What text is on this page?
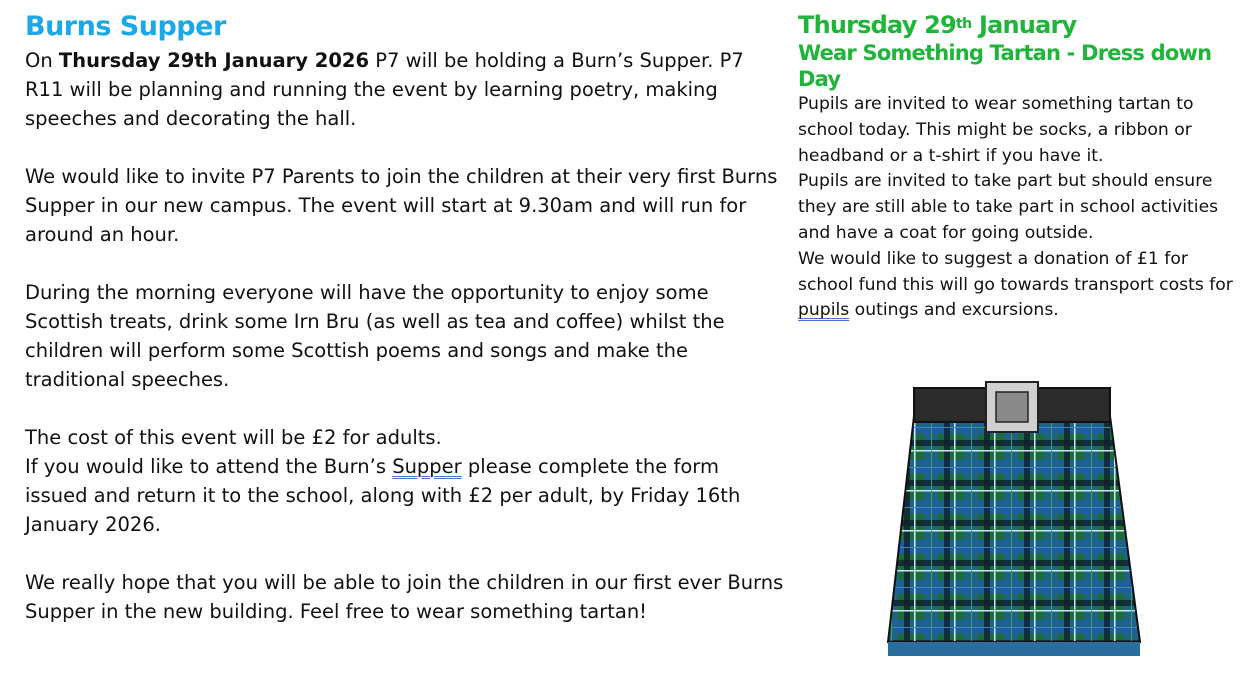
Burns Supper

On Thursday 29th January 2026 P7 will be holding a Burn’s Supper. P7 R11 will be planning and running the event by learning poetry, making speeches and decorating the hall.

We would like to invite P7 Parents to join the children at their very first Burns Supper in our new campus. The event will start at 9.30am and will run for around an hour.

During the morning everyone will have the opportunity to enjoy some Scottish treats, drink some Irn Bru (as well as tea and coffee) whilst the children will perform some Scottish poems and songs and make the traditional speeches.

The cost of this event will be £2 for adults.

If you would like to attend the Burn’s Supper please complete the form issued and return it to the school, along with £2 per adult, by Friday 16th January 2026.

We really hope that you will be able to join the children in our first ever Burns Supper in the new building. Feel free to wear something tartan!

Thursday 29th January
Wear Something Tartan - Dress down Day

Pupils are invited to wear something tartan to school today. This might be socks, a ribbon or headband or a t-shirt if you have it.

Pupils are invited to take part but should ensure they are still able to take part in school activities and have a coat for going outside.

We would like to suggest a donation of £1 for school fund this will go towards transport costs for pupils outings and excursions.
